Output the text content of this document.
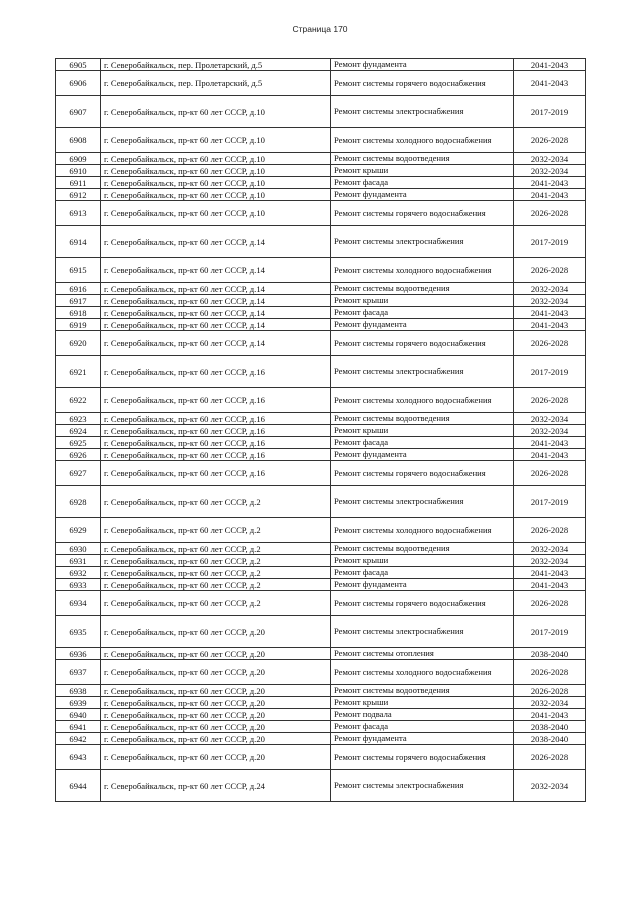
Страница 170
6905	г. Северобайкальск, пер. Пролетарский, д.5	Ремонт фундамента	2041-2043
6906	г. Северобайкальск, пер. Пролетарский, д.5	Ремонт системы горячего водоснабжения	2041-2043
6907	г. Северобайкальск, пр-кт 60 лет СССР, д.10	Ремонт системы электроснабжения	2017-2019
6908	г. Северобайкальск, пр-кт 60 лет СССР, д.10	Ремонт системы холодного водоснабжения	2026-2028
6909	г. Северобайкальск, пр-кт 60 лет СССР, д.10	Ремонт системы водоотведения	2032-2034
6910	г. Северобайкальск, пр-кт 60 лет СССР, д.10	Ремонт крыши	2032-2034
6911	г. Северобайкальск, пр-кт 60 лет СССР, д.10	Ремонт фасада	2041-2043
6912	г. Северобайкальск, пр-кт 60 лет СССР, д.10	Ремонт фундамента	2041-2043
6913	г. Северобайкальск, пр-кт 60 лет СССР, д.10	Ремонт системы горячего водоснабжения	2026-2028
6914	г. Северобайкальск, пр-кт 60 лет СССР, д.14	Ремонт системы электроснабжения	2017-2019
6915	г. Северобайкальск, пр-кт 60 лет СССР, д.14	Ремонт системы холодного водоснабжения	2026-2028
6916	г. Северобайкальск, пр-кт 60 лет СССР, д.14	Ремонт системы водоотведения	2032-2034
6917	г. Северобайкальск, пр-кт 60 лет СССР, д.14	Ремонт крыши	2032-2034
6918	г. Северобайкальск, пр-кт 60 лет СССР, д.14	Ремонт фасада	2041-2043
6919	г. Северобайкальск, пр-кт 60 лет СССР, д.14	Ремонт фундамента	2041-2043
6920	г. Северобайкальск, пр-кт 60 лет СССР, д.14	Ремонт системы горячего водоснабжения	2026-2028
6921	г. Северобайкальск, пр-кт 60 лет СССР, д.16	Ремонт системы электроснабжения	2017-2019
6922	г. Северобайкальск, пр-кт 60 лет СССР, д.16	Ремонт системы холодного водоснабжения	2026-2028
6923	г. Северобайкальск, пр-кт 60 лет СССР, д.16	Ремонт системы водоотведения	2032-2034
6924	г. Северобайкальск, пр-кт 60 лет СССР, д.16	Ремонт крыши	2032-2034
6925	г. Северобайкальск, пр-кт 60 лет СССР, д.16	Ремонт фасада	2041-2043
6926	г. Северобайкальск, пр-кт 60 лет СССР, д.16	Ремонт фундамента	2041-2043
6927	г. Северобайкальск, пр-кт 60 лет СССР, д.16	Ремонт системы горячего водоснабжения	2026-2028
6928	г. Северобайкальск, пр-кт 60 лет СССР, д.2	Ремонт системы электроснабжения	2017-2019
6929	г. Северобайкальск, пр-кт 60 лет СССР, д.2	Ремонт системы холодного водоснабжения	2026-2028
6930	г. Северобайкальск, пр-кт 60 лет СССР, д.2	Ремонт системы водоотведения	2032-2034
6931	г. Северобайкальск, пр-кт 60 лет СССР, д.2	Ремонт крыши	2032-2034
6932	г. Северобайкальск, пр-кт 60 лет СССР, д.2	Ремонт фасада	2041-2043
6933	г. Северобайкальск, пр-кт 60 лет СССР, д.2	Ремонт фундамента	2041-2043
6934	г. Северобайкальск, пр-кт 60 лет СССР, д.2	Ремонт системы горячего водоснабжения	2026-2028
6935	г. Северобайкальск, пр-кт 60 лет СССР, д.20	Ремонт системы электроснабжения	2017-2019
6936	г. Северобайкальск, пр-кт 60 лет СССР, д.20	Ремонт системы отопления	2038-2040
6937	г. Северобайкальск, пр-кт 60 лет СССР, д.20	Ремонт системы холодного водоснабжения	2026-2028
6938	г. Северобайкальск, пр-кт 60 лет СССР, д.20	Ремонт системы водоотведения	2026-2028
6939	г. Северобайкальск, пр-кт 60 лет СССР, д.20	Ремонт крыши	2032-2034
6940	г. Северобайкальск, пр-кт 60 лет СССР, д.20	Ремонт подвала	2041-2043
6941	г. Северобайкальск, пр-кт 60 лет СССР, д.20	Ремонт фасада	2038-2040
6942	г. Северобайкальск, пр-кт 60 лет СССР, д.20	Ремонт фундамента	2038-2040
6943	г. Северобайкальск, пр-кт 60 лет СССР, д.20	Ремонт системы горячего водоснабжения	2026-2028
6944	г. Северобайкальск, пр-кт 60 лет СССР, д.24	Ремонт системы электроснабжения	2032-2034
